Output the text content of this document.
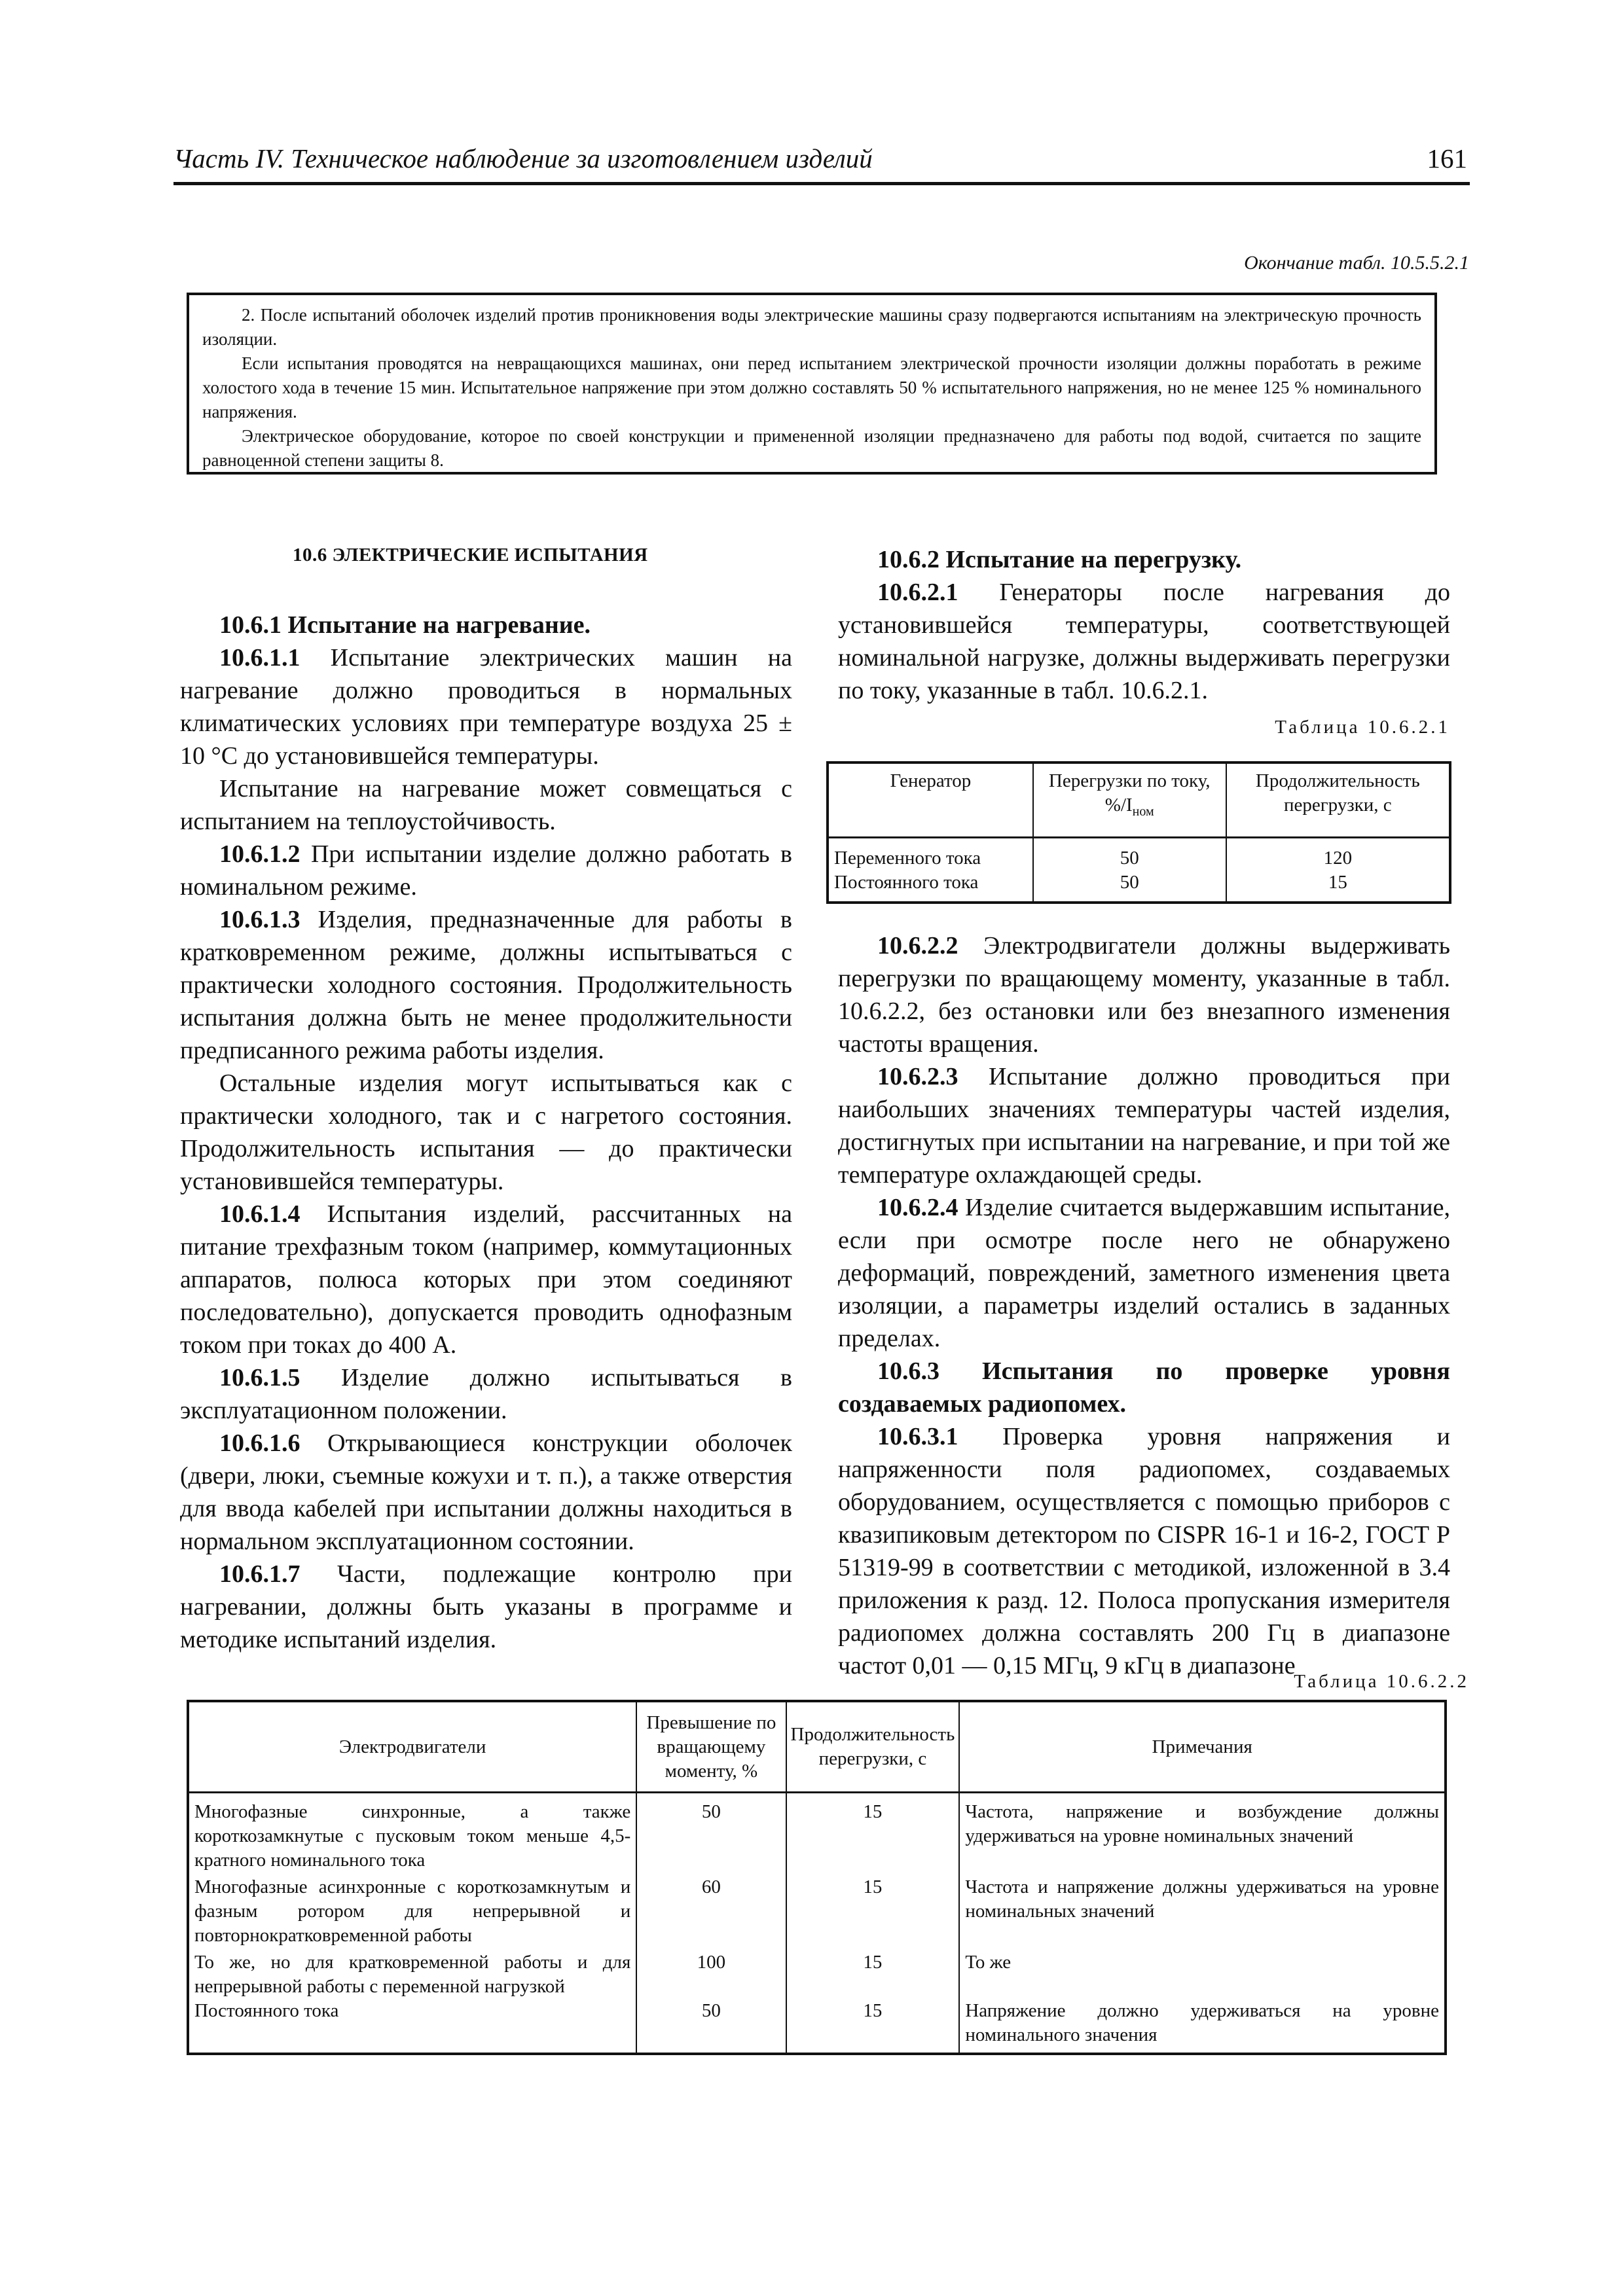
Часть IV. Техническое наблюдение за изготовлением изделий	161
Окончание табл. 10.5.5.2.1

2. После испытаний оболочек изделий против проникновения воды электрические машины сразу подвергаются испытаниям на электрическую прочность изоляции.

Если испытания проводятся на невращающихся машинах, они перед испытанием электрической прочности изоляции должны поработать в режиме холостого хода в течение 15 мин. Испытательное напряжение при этом должно составлять 50 % испытательного напряжения, но не менее 125 % номинального напряжения.

Электрическое оборудование, которое по своей конструкции и примененной изоляции предназначено для работы под водой, считается по защите равноценной степени защиты 8.

10.6 ЭЛЕКТРИЧЕСКИЕ ИСПЫТАНИЯ

10.6.1 Испытание на нагревание.

10.6.1.1 Испытание электрических машин на нагревание должно проводиться в нормальных климатических условиях при температуре воздуха 25 ± 10 °С до установившейся температуры.

Испытание на нагревание может совмещаться с испытанием на теплоустойчивость.

10.6.1.2 При испытании изделие должно работать в номинальном режиме.

10.6.1.3 Изделия, предназначенные для работы в кратковременном режиме, должны испытываться с практически холодного состояния. Продолжительность испытания должна быть не менее продолжительности предписанного режима работы изделия.

Остальные изделия могут испытываться как с практически холодного, так и с нагретого состояния. Продолжительность испытания — до практически установившейся температуры.

10.6.1.4 Испытания изделий, рассчитанных на питание трехфазным током (например, коммутационных аппаратов, полюса которых при этом соединяют последовательно), допускается проводить однофазным током при токах до 400 А.

10.6.1.5 Изделие должно испытываться в эксплуатационном положении.

10.6.1.6 Открывающиеся конструкции оболочек (двери, люки, съемные кожухи и т. п.), а также отверстия для ввода кабелей при испытании должны находиться в нормальном эксплуатационном состоянии.

10.6.1.7 Части, подлежащие контролю при нагревании, должны быть указаны в программе и методике испытаний изделия.

10.6.2 Испытание на перегрузку.

10.6.2.1 Генераторы после нагревания до установившейся температуры, соответствующей номинальной нагрузке, должны выдерживать перегрузки по току, указанные в табл. 10.6.2.1.

Таблица 10.6.2.1
Генератор	Перегрузки по току, $\%/I_{ном}$	Продолжительность перегрузки, с
Переменного тока	50	120
Постоянного тока	50	15

10.6.2.2 Электродвигатели должны выдерживать перегрузки по вращающему моменту, указанные в табл. 10.6.2.2, без остановки или без внезапного изменения частоты вращения.

10.6.2.3 Испытание должно проводиться при наибольших значениях температуры частей изделия, достигнутых при испытании на нагревание, и при той же температуре охлаждающей среды.

10.6.2.4 Изделие считается выдержавшим испытание, если при осмотре после него не обнаружено деформаций, повреждений, заметного изменения цвета изоляции, а параметры изделий остались в заданных пределах.

10.6.3 Испытания по проверке уровня создаваемых радиопомех.

10.6.3.1 Проверка уровня напряжения и напряженности поля радиопомех, создаваемых оборудованием, осуществляется с помощью приборов с квазипиковым детектором по CISPR 16-1 и 16-2, ГОСТ Р 51319-99 в соответствии с методикой, изложенной в 3.4 приложения к разд. 12. Полоса пропускания измерителя радиопомех должна составлять 200 Гц в диапазоне частот 0,01 — 0,15 МГц, 9 кГц в диапазоне

Таблица 10.6.2.2
Электродвигатели	Превышение по вращающему моменту, %	Продолжительность перегрузки, с	Примечания
Многофазные синхронные, а также короткозамкнутые с пусковым током меньше 4,5-кратного номинального тока	50	15	Частота, напряжение и возбуждение должны удерживаться на уровне номинальных значений
Многофазные асинхронные с короткозамкнутым и фазным ротором для непрерывной и повторнократковременной работы	60	15	Частота и напряжение должны удерживаться на уровне номинальных значений
То же, но для кратковременной работы и для непрерывной работы с переменной нагрузкой	100	15	То же
Постоянного тока	50	15	Напряжение должно удерживаться на уровне номинального значения
